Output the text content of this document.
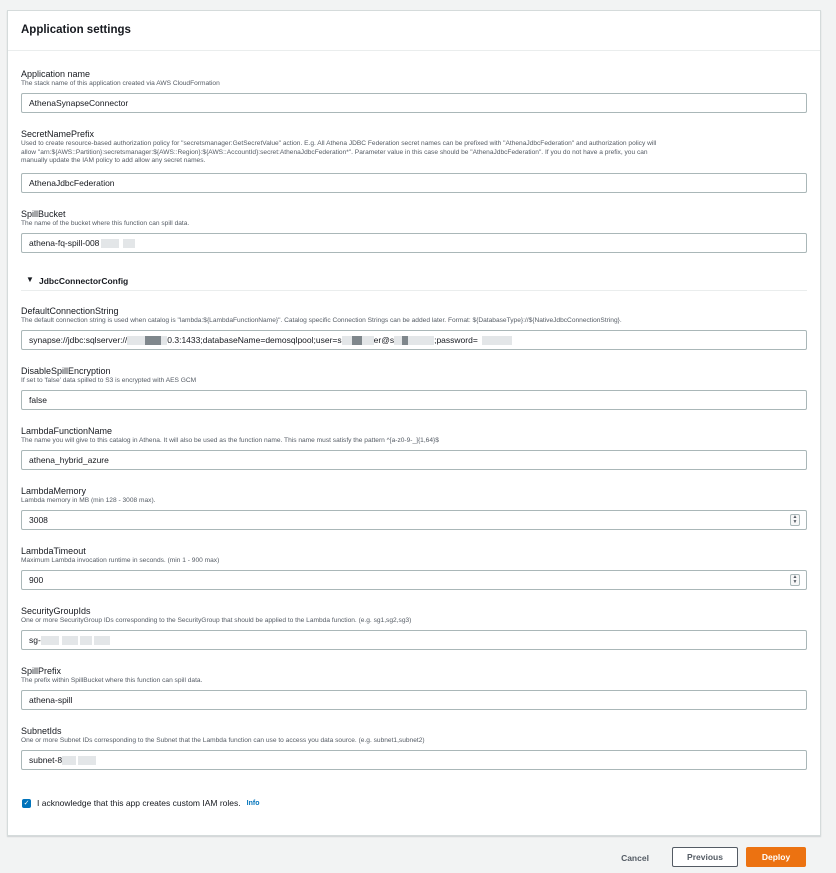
Application settings
Application name
The stack name of this application created via AWS CloudFormation
AthenaSynapseConnector
SecretNamePrefix
Used to create resource-based authorization policy for "secretsmanager:GetSecretValue" action. E.g. All Athena JDBC Federation secret names can be prefixed with "AthenaJdbcFederation" and authorization policy will
allow "arn:${AWS::Partition}:secretsmanager:${AWS::Region}:${AWS::AccountId}:secret:AthenaJdbcFederation*". Parameter value in this case should be "AthenaJdbcFederation". If you do not have a prefix, you can
manually update the IAM policy to add allow any secret names.
AthenaJdbcFederation
SpillBucket
The name of the bucket where this function can spill data.
athena-fq-spill-008
▼ JdbcConnectorConfig
DefaultConnectionString
The default connection string is used when catalog is "lambda:${LambdaFunctionName}". Catalog specific Connection Strings can be added later. Format: ${DatabaseType}://${NativeJdbcConnectionString}.
synapse://jdbc:sqlserver://	0.3:1433;databaseName=demosqlpool;user=s	er@s	;password=
DisableSpillEncryption
If set to 'false' data spilled to S3 is encrypted with AES GCM
false
LambdaFunctionName
The name you will give to this catalog in Athena. It will also be used as the function name. This name must satisfy the pattern ^[a-z0-9-_]{1,64}$
athena_hybrid_azure
LambdaMemory
Lambda memory in MB (min 128 - 3008 max).
3008	▲
▼
LambdaTimeout
Maximum Lambda invocation runtime in seconds. (min 1 - 900 max)
900	▲
▼
SecurityGroupIds
One or more SecurityGroup IDs corresponding to the SecurityGroup that should be applied to the Lambda function. (e.g. sg1,sg2,sg3)
sg-
SpillPrefix
The prefix within SpillBucket where this function can spill data.
athena-spill
SubnetIds
One or more Subnet IDs corresponding to the Subnet that the Lambda function can use to access you data source. (e.g. subnet1,subnet2)
subnet-8
✓ I acknowledge that this app creates custom IAM roles. Info
Cancel	Previous	Deploy
